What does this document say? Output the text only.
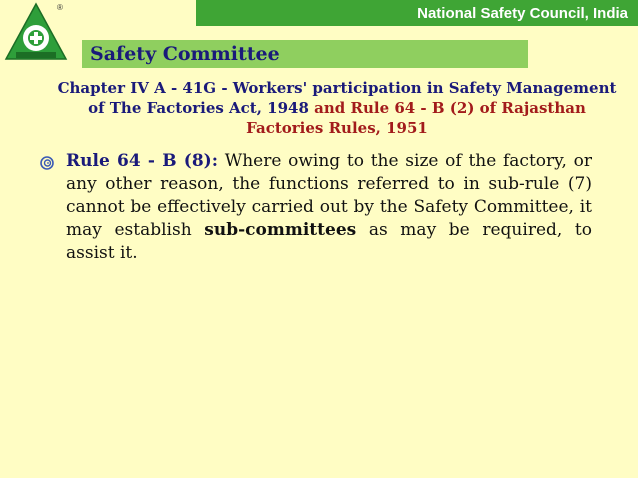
National Safety Council, India
®
Safety Committee
Chapter IV A - 41G - Workers' participation in Safety Management of The Factories Act, 1948 and Rule 64 - B (2) of Rajasthan Factories Rules, 1951
Rule 64 - B (8): Where owing to the size of the factory, or any other reason, the functions referred to in sub-rule (7) cannot be effectively carried out by the Safety Committee, it may establish sub-committees as may be required, to assist it.
